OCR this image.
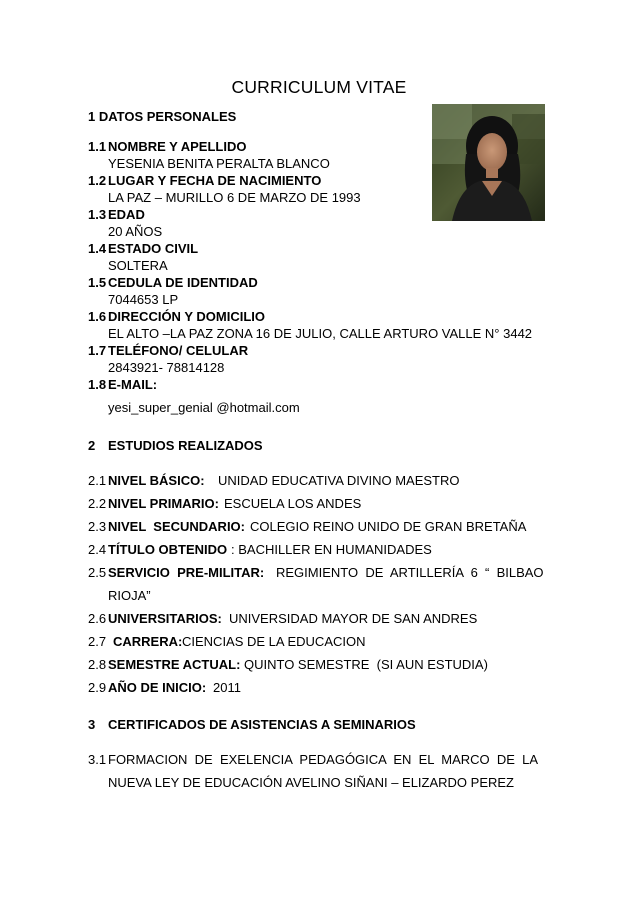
CURRICULUM VITAE
1 DATOS PERSONALES
1.1 NOMBRE Y APELLIDO
YESENIA BENITA PERALTA BLANCO
1.2 LUGAR Y FECHA DE NACIMIENTO
LA PAZ – MURILLO 6 DE MARZO DE 1993
1.3 EDAD
20 AÑOS
1.4 ESTADO CIVIL
SOLTERA
1.5 CEDULA DE IDENTIDAD
7044653 LP
1.6 DIRECCIÓN Y DOMICILIO
EL ALTO –LA PAZ ZONA 16 DE JULIO, CALLE ARTURO VALLE N° 3442
1.7 TELÉFONO/ CELULAR
2843921- 78814128
1.8 E-MAIL:
yesi_super_genial @hotmail.com
2 ESTUDIOS REALIZADOS
2.1 NIVEL BÁSICO: UNIDAD EDUCATIVA DIVINO MAESTRO
2.2 NIVEL PRIMARIO: ESCUELA LOS ANDES
2.3 NIVEL  SECUNDARIO: COLEGIO REINO UNIDO DE GRAN BRETAÑA
2.4 TÍTULO OBTENIDO : BACHILLER EN HUMANIDADES
2.5 SERVICIO  PRE-MILITAR: REGIMIENTO  DE  ARTILLERÍA  6  “  BILBAO
RIOJA”
2.6 UNIVERSITARIOS: UNIVERSIDAD MAYOR DE SAN ANDRES
2.7 CARRERA: CIENCIAS DE LA EDUCACION
2.8 SEMESTRE ACTUAL: QUINTO SEMESTRE  (SI AUN ESTUDIA)
2.9 AÑO DE INICIO: 2011
3 CERTIFICADOS DE ASISTENCIAS A SEMINARIOS
3.1 FORMACION  DE  EXELENCIA  PEDAGÓGICA  EN  EL  MARCO  DE  LA
NUEVA LEY DE EDUCACIÓN AVELINO SIÑANI – ELIZARDO PEREZ
